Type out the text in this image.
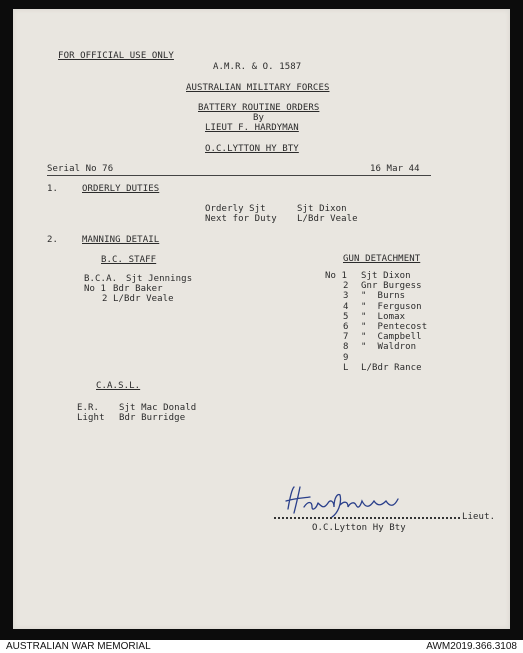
FOR OFFICIAL USE ONLY

A.M.R. & O. 1587
AUSTRALIAN MILITARY FORCES
BATTERY ROUTINE ORDERS
By
LIEUT F. HARDYMAN
O.C.LYTTON HY BTY
Serial No 76	16 Mar 44
1.	ORDERLY DUTIES
Orderly Sjt	Sjt Dixon
Next for Duty L/Bdr Veale
2.	MANNING DETAIL
B.C. STAFF
B.C.A. Sjt Jennings
No 1 Bdr Baker
2 L/Bdr Veale
GUN DETACHMENT
No 1 Sjt Dixon
2 Gnr Burgess
3 "  Burns
4 "  Ferguson
5 "  Lomax
6 "  Pentecost
7 "  Campbell
8 "  Waldron
9
L L/Bdr Rance
C.A.S.L.
E.R. Sjt Mac Donald
Light Bdr Burridge
Lieut.
O.C.Lytton Hy Bty
AUSTRALIAN WAR MEMORIAL	AWM2019.366.3108
